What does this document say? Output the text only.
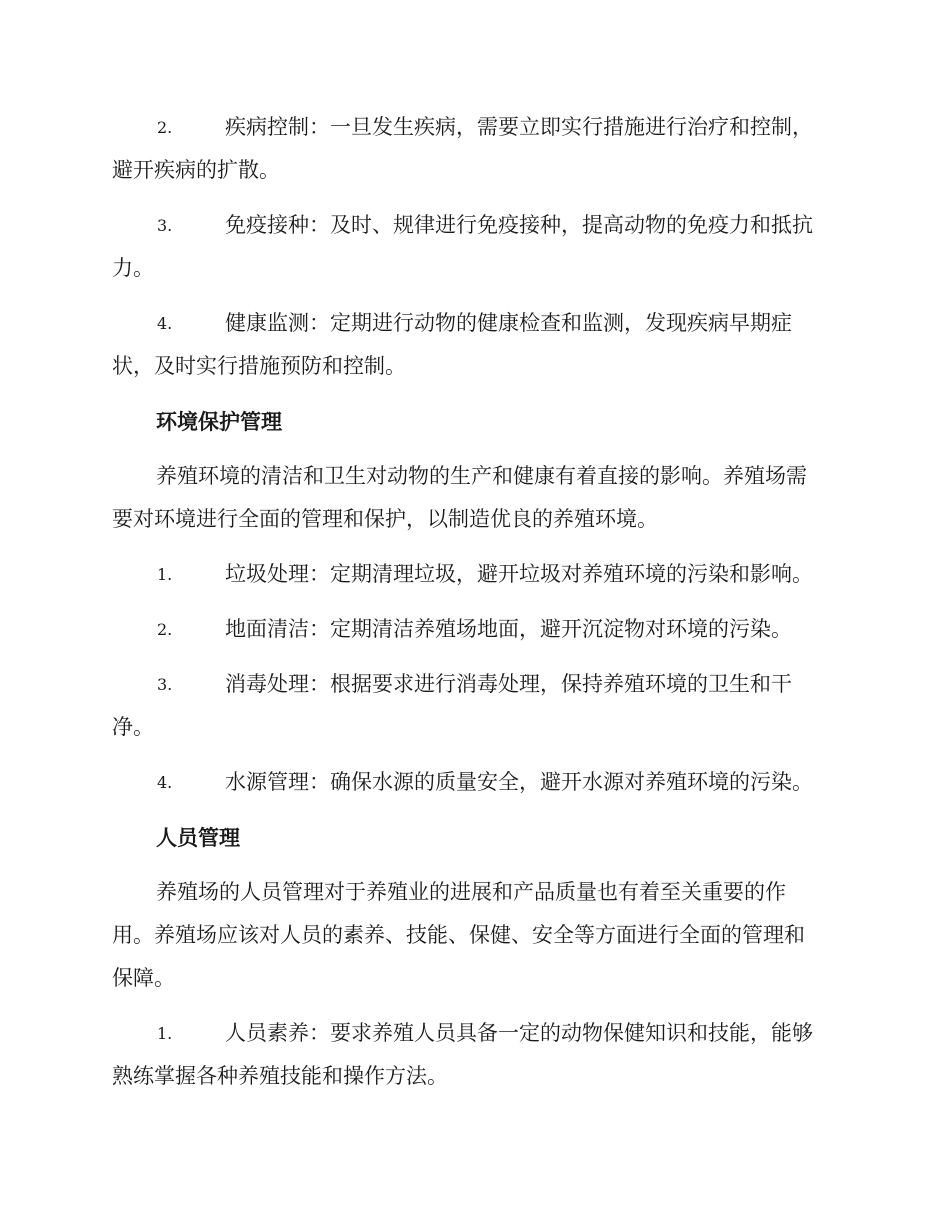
2.	疾病控制：一旦发生疾病，需要立即实行措施进行治疗和控制，
避开疾病的扩散。
3.	免疫接种：及时、规律进行免疫接种，提高动物的免疫力和抵抗
力。
4.	健康监测：定期进行动物的健康检查和监测，发现疾病早期症
状，及时实行措施预防和控制。
环境保护管理
养殖环境的清洁和卫生对动物的生产和健康有着直接的影响。养殖场需
要对环境进行全面的管理和保护，以制造优良的养殖环境。
1.	垃圾处理：定期清理垃圾，避开垃圾对养殖环境的污染和影响。
2.	地面清洁：定期清洁养殖场地面，避开沉淀物对环境的污染。
3.	消毒处理：根据要求进行消毒处理，保持养殖环境的卫生和干
净。
4.	水源管理：确保水源的质量安全，避开水源对养殖环境的污染。
人员管理
养殖场的人员管理对于养殖业的进展和产品质量也有着至关重要的作
用。养殖场应该对人员的素养、技能、保健、安全等方面进行全面的管理和
保障。
1.	人员素养：要求养殖人员具备一定的动物保健知识和技能，能够
熟练掌握各种养殖技能和操作方法。
